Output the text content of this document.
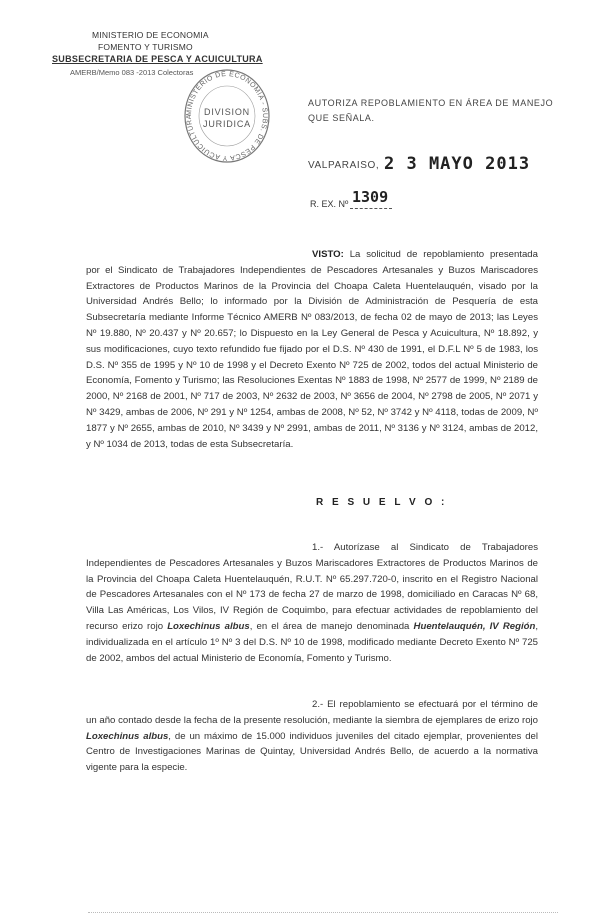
MINISTERIO DE ECONOMIA
FOMENTO Y TURISMO
SUBSECRETARIA DE PESCA Y ACUICULTURA
AMERB/Memo 083 -2013 Colectoras
MINISTERIO DE ECONOMIA - SUBS. DE PESCA Y ACUICULTURA	DIVISION
JURIDICA
AUTORIZA REPOBLAMIENTO EN ÁREA DE MANEJO
QUE SEÑALA.
VALPARAISO, 2 3 MAYO 2013
R. EX. Nº 1309
VISTO: La solicitud de repoblamiento presentada por el Sindicato de Trabajadores Independientes de Pescadores Artesanales y Buzos Mariscadores Extractores de Productos Marinos de la Provincia del Choapa Caleta Huentelauquén, visado por la Universidad Andrés Bello; lo informado por la División de Administración de Pesquería de esta Subsecretaría mediante Informe Técnico AMERB Nº 083/2013, de fecha 02 de mayo de 2013; las Leyes Nº 19.880, Nº 20.437 y Nº 20.657; lo Dispuesto en la Ley General de Pesca y Acuicultura, Nº 18.892, y sus modificaciones, cuyo texto refundido fue fijado por el D.S. Nº 430 de 1991, el D.F.L Nº 5 de 1983, los D.S. Nº 355 de 1995 y Nº 10 de 1998 y el Decreto Exento Nº 725 de 2002, todos del actual Ministerio de Economía, Fomento y Turismo; las Resoluciones Exentas Nº 1883 de 1998, Nº 2577 de 1999, Nº 2189 de 2000, Nº 2168 de 2001, Nº 717 de 2003, Nº 2632 de 2003, Nº 3656 de 2004, Nº 2798 de 2005, Nº 2071 y Nº 3429, ambas de 2006, Nº 291 y Nº 1254, ambas de 2008, Nº 52, Nº 3742 y Nº 4118, todas de 2009, Nº 1877 y Nº 2655, ambas de 2010, Nº 3439 y Nº 2991, ambas de 2011, Nº 3136 y Nº 3124, ambas de 2012, y Nº 1034 de 2013, todas de esta Subsecretaría.
R E S U E L V O :
1.- Autorízase al Sindicato de Trabajadores Independientes de Pescadores Artesanales y Buzos Mariscadores Extractores de Productos Marinos de la Provincia del Choapa Caleta Huentelauquén, R.U.T. Nº 65.297.720-0, inscrito en el Registro Nacional de Pescadores Artesanales con el Nº 173 de fecha 27 de marzo de 1998, domiciliado en Caracas Nº 68, Villa Las Américas, Los Vilos, IV Región de Coquimbo, para efectuar actividades de repoblamiento del recurso erizo rojo Loxechinus albus, en el área de manejo denominada Huentelauquén, IV Región, individualizada en el artículo 1º Nº 3 del D.S. Nº 10 de 1998, modificado mediante Decreto Exento Nº 725 de 2002, ambos del actual Ministerio de Economía, Fomento y Turismo.
2.- El repoblamiento se efectuará por el término de un año contado desde la fecha de la presente resolución, mediante la siembra de ejemplares de erizo rojo Loxechinus albus, de un máximo de 15.000 individuos juveniles del citado ejemplar, provenientes del Centro de Investigaciones Marinas de Quintay, Universidad Andrés Bello, de acuerdo a la normativa vigente para la especie.
